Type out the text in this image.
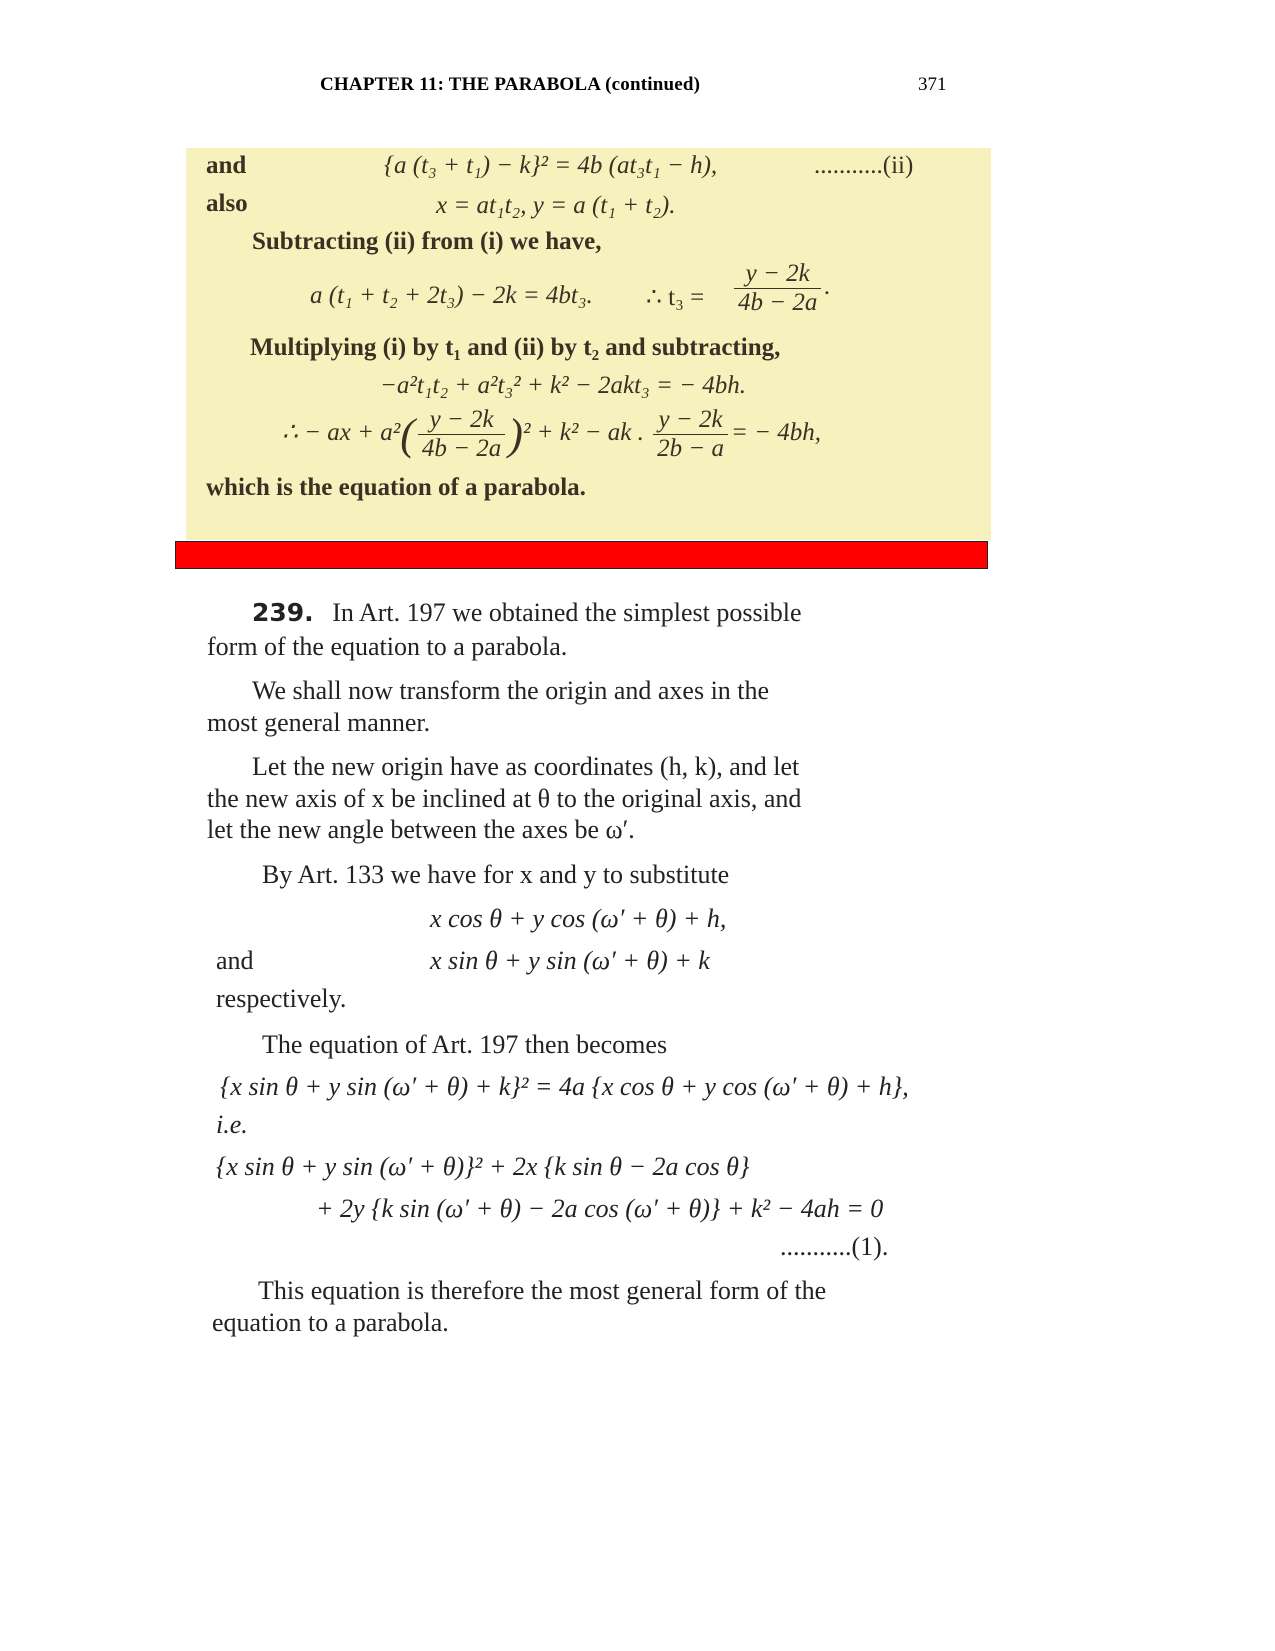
CHAPTER 11: THE PARABOLA (continued)	371
and	{a (t₃ + t₁) − k}² = 4b (at₃t₁ − h),	...........(ii)
also	x = at₁t₂, y = a (t₁ + t₂).
Subtracting (ii) from (i) we have,
a (t₁ + t₂ + 2t₃) − 2k = 4bt₃. ∴ $t_3 = \frac{y - 2k}{4b - 2a}$ .
Multiplying (i) by t₁ and (ii) by t₂ and subtracting,
−a²t₁t₂ + a²t₃² + k² − 2akt₃ = − 4bh.
∴ − ax + $a^2( \frac{y - 2k}{4b - 2a} )^2 + k^2$ − ak . $\frac{y - 2k}{2b - a}$ = − 4bh,
which is the equation of a parabola.
239. In Art. 197 we obtained the simplest possible
form of the equation to a parabola.
We shall now transform the origin and axes in the
most general manner.
Let the new origin have as coordinates (h, k), and let
the new axis of x be inclined at θ to the original axis, and
let the new angle between the axes be ω′.
By Art. 133 we have for x and y to substitute
x cos θ + y cos (ω′ + θ) + h,
and	x sin θ + y sin (ω′ + θ) + k
respectively.
The equation of Art. 197 then becomes
{x sin θ + y sin (ω′ + θ) + k}² = 4a {x cos θ + y cos (ω′ + θ) + h},
i.e.
{x sin θ + y sin (ω′ + θ)}² + 2x {k sin θ − 2a cos θ}
+ 2y {k sin (ω′ + θ) − 2a cos (ω′ + θ)} + k² − 4ah = 0
...........(1).
This equation is therefore the most general form of the
equation to a parabola.
